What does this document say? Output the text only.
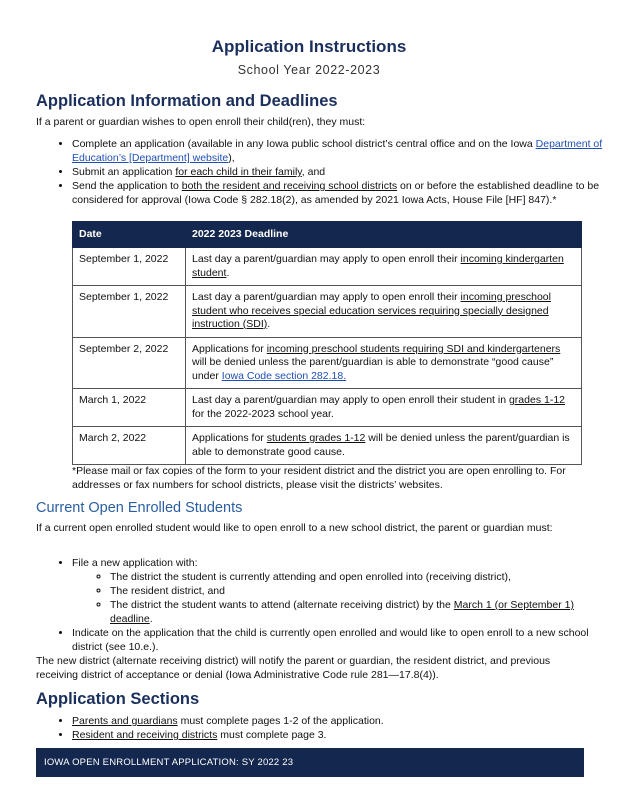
Application Instructions
School Year 2022-2023
Application Information and Deadlines
If a parent or guardian wishes to open enroll their child(ren), they must:
• Complete an application (available in any Iowa public school district’s central office and on the Iowa Department of Education’s [Department] website),
• Submit an application for each child in their family, and
• Send the application to both the resident and receiving school districts on or before the established deadline to be considered for approval (Iowa Code § 282.18(2), as amended by 2021 Iowa Acts, House File [HF] 847).*
Date	2022 2023 Deadline
September 1, 2022	Last day a parent/guardian may apply to open enroll their incoming kindergarten student.
September 1, 2022	Last day a parent/guardian may apply to open enroll their incoming preschool student who receives special education services requiring specially designed instruction (SDI).
September 2, 2022	Applications for incoming preschool students requiring SDI and kindergarteners will be denied unless the parent/guardian is able to demonstrate “good cause” under Iowa Code section 282.18.
March 1, 2022	Last day a parent/guardian may apply to open enroll their student in grades 1-12 for the 2022-2023 school year.
March 2, 2022	Applications for students grades 1-12 will be denied unless the parent/guardian is able to demonstrate good cause.
*Please mail or fax copies of the form to your resident district and the district you are open enrolling to. For addresses or fax numbers for school districts, please visit the districts’ websites.
Current Open Enrolled Students
If a current open enrolled student would like to open enroll to a new school district, the parent or guardian must:
• File a new application with:
◦ The district the student is currently attending and open enrolled into (receiving district),
◦ The resident district, and
◦ The district the student wants to attend (alternate receiving district) by the March 1 (or September 1) deadline.
• Indicate on the application that the child is currently open enrolled and would like to open enroll to a new school district (see 10.e.).
The new district (alternate receiving district) will notify the parent or guardian, the resident district, and previous receiving district of acceptance or denial (Iowa Administrative Code rule 281—17.8(4)).
Application Sections
• Parents and guardians must complete pages 1-2 of the application.
• Resident and receiving districts must complete page 3.
IOWA OPEN ENROLLMENT APPLICATION: SY 2022 23
